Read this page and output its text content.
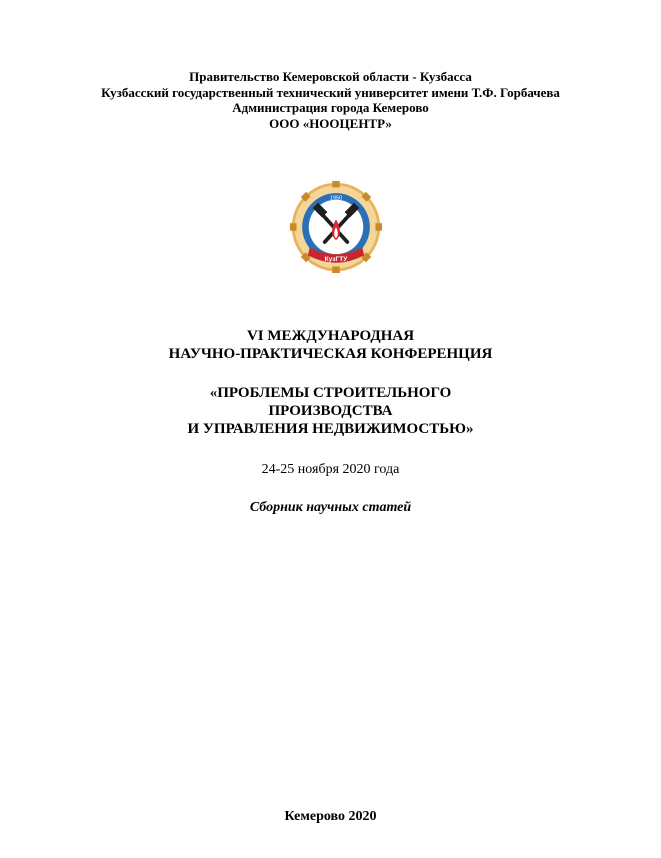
Правительство Кемеровской области - Кузбасса
Кузбасский государственный технический университет имени Т.Ф. Горбачева
Администрация города Кемерово
ООО «НООЦЕНТР»
1950
КузГТУ
VI МЕЖДУНАРОДНАЯ
НАУЧНО-ПРАКТИЧЕСКАЯ КОНФЕРЕНЦИЯ
«ПРОБЛЕМЫ СТРОИТЕЛЬНОГО
ПРОИЗВОДСТВА
И УПРАВЛЕНИЯ НЕДВИЖИМОСТЬЮ»
24-25 ноября 2020 года
Сборник научных статей
Кемерово 2020
